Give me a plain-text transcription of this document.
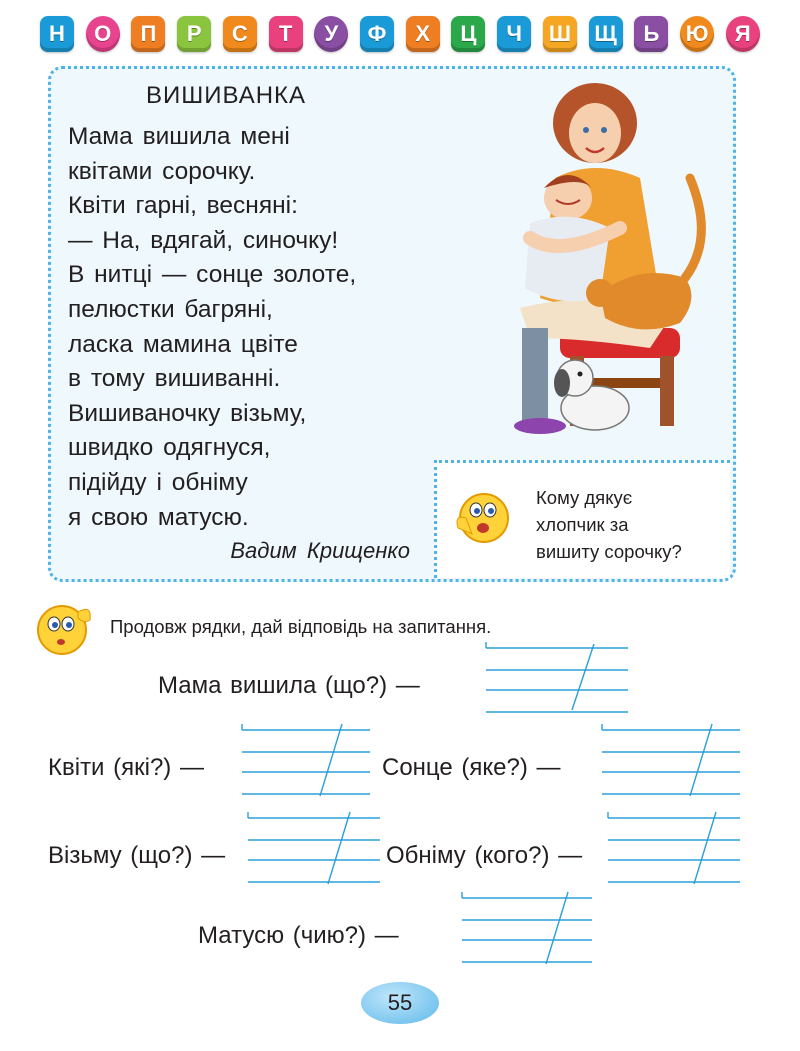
Н	О	П	Р	С	Т	У	Ф	Х	Ц	Ч	Ш Щ	Ь	Ю	Я
ВИШИВАНКА
Мама вишила мені
квітами сорочку.
Квіти гарні, весняні:
— На, вдягай, синочку!
В нитці — сонце золоте,
пелюстки багряні,
ласка мамина цвіте
в тому вишиванні.
Вишиваночку візьму,
швидко одягнуся,
підійду і обніму
я свою матусю.
Вадим Крищенко
Кому дякує
хлопчик за
вишиту сорочку?
Продовж рядки, дай відповідь на запитання.
Мама вишила (що?) —
Квіти (які?) —	Сонце (яке?) —
Візьму (що?) —	Обніму (кого?) —
Матусю (чию?) —
55
